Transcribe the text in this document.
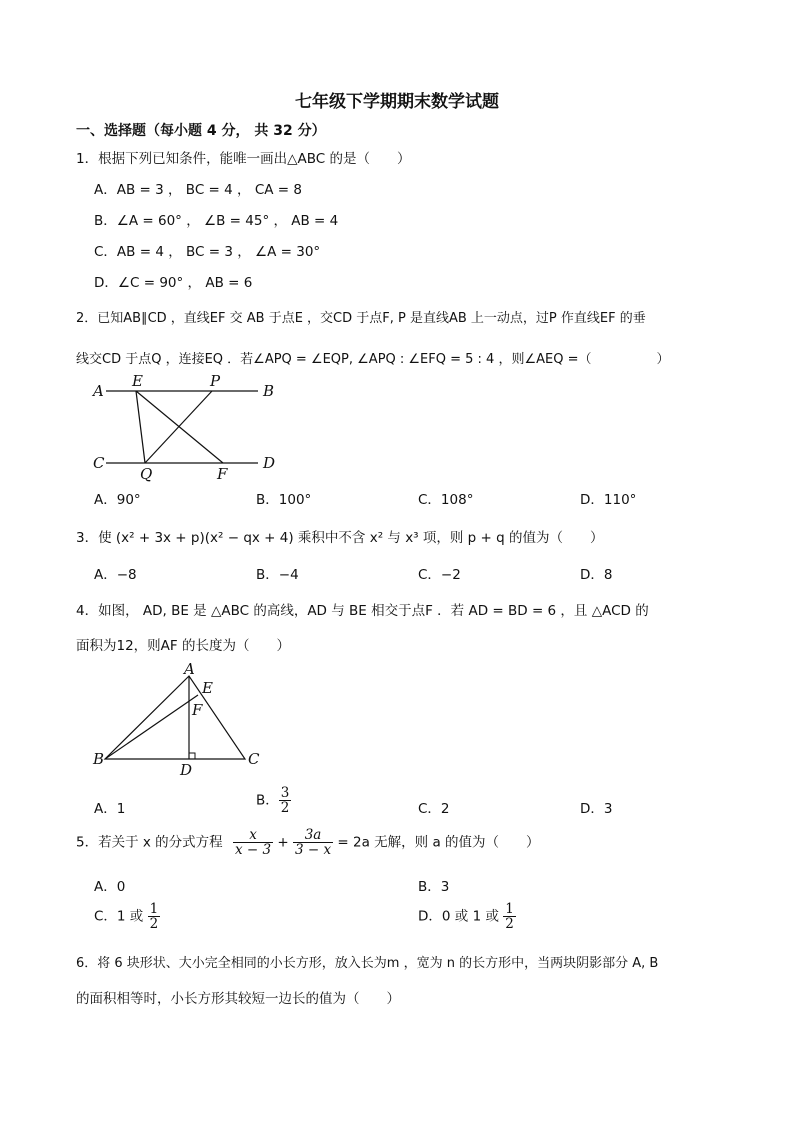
七年级下学期期末数学试题
一、选择题（每小题 4 分， 共 32 分）
1．根据下列已知条件，能唯一画出△ABC 的是（　　）
A．AB = 3 ， BC = 4 ， CA = 8
B．∠A = 60° ， ∠B = 45° ， AB = 4
C．AB = 4 ， BC = 3 ， ∠A = 30°
D．∠C = 90° ， AB = 6
2．已知AB∥CD ，直线EF 交 AB 于点E ，交CD 于点F, P 是直线AB 上一动点，过P 作直线EF 的垂
线交CD 于点Q ，连接EQ ．若∠APQ = ∠EQP, ∠APQ : ∠EFQ = 5 : 4 ，则∠AEQ =（　　　　　）
A
E	P
B
C
Q	F
D
A．90°	B．100°	C．108°	D．110°
3．使 (x² + 3x + p)(x² − qx + 4) 乘积中不含 x² 与 x³ 项，则 p + q 的值为（　　）
A．−8	B．−4	C．−2	D．8
4．如图， AD, BE 是 △ABC 的高线，AD 与 BE 相交于点F ．若 AD = BD = 6 ，且 △ACD 的
面积为12，则AF 的长度为（　　）
A
E
F
B
D
C
A．1
B． $\frac{3}{2}$	C．2	D．3
5．若关于 x 的分式方程 $\frac{x}{x - 3} + \frac{3a}{3 - x} = 2a$ 无解，则 a 的值为（　　）
A．0	B．3
C．1 或 $\frac{1}{2}$	D．0 或 1 或 $\frac{1}{2}$
6．将 6 块形状、大小完全相同的小长方形，放入长为m ，宽为 n 的长方形中，当两块阴影部分 A, B
的面积相等时，小长方形其较短一边长的值为（　　）
